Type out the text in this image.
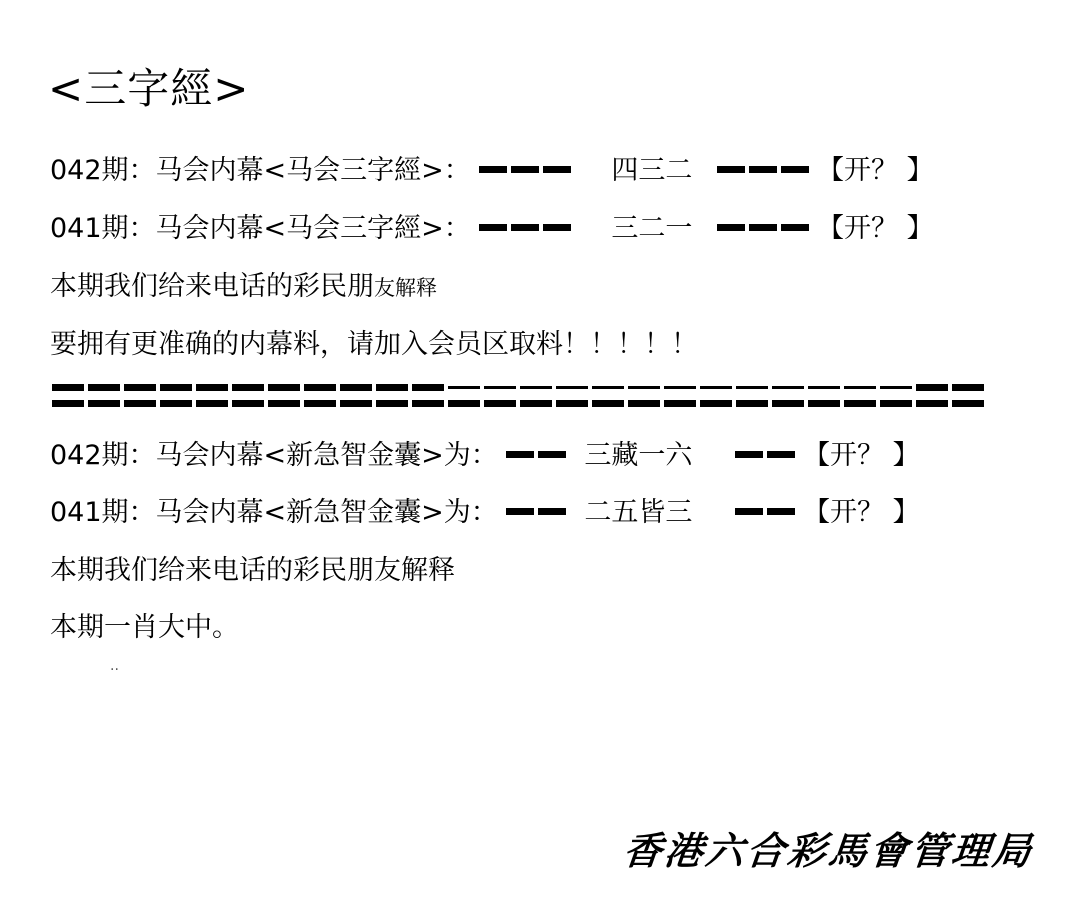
<三字經>
042期：马会内幕<马会三字經>：	四三二	【开？ 】
041期：马会内幕<马会三字經>：	三二一	【开？ 】
本期我们给来电话的彩民朋友解释
要拥有更准确的内幕料，请加入会员区取料！！！！！
042期：马会内幕<新急智金囊>为：	三藏一六	【开？ 】
041期：马会内幕<新急智金囊>为：	二五皆三	【开？ 】
本期我们给来电话的彩民朋友解释
本期一肖大中。
..
香港六合彩馬會管理局
